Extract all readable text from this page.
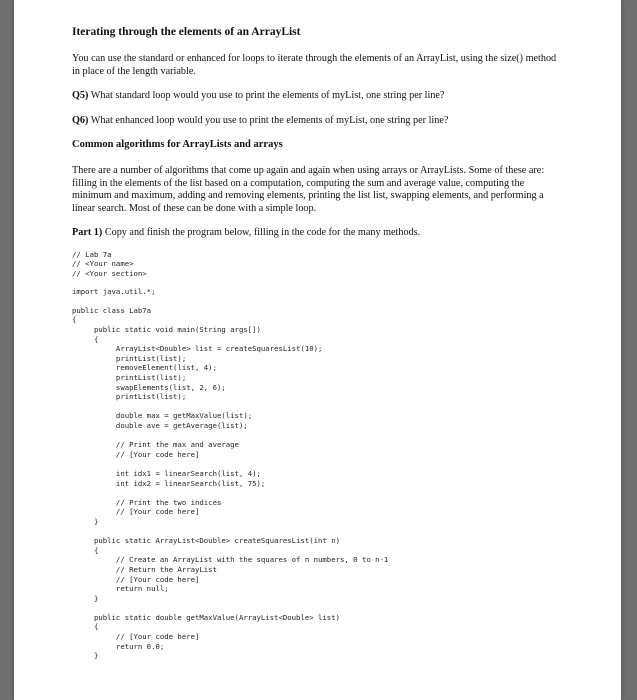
Iterating through the elements of an ArrayList

You can use the standard or enhanced for loops to iterate through the elements of an ArrayList, using the size() method in place of the length variable.

Q5) What standard loop would you use to print the elements of myList, one string per line?

Q6) What enhanced loop would you use to print the elements of myList, one string per line?

Common algorithms for ArrayLists and arrays

There are a number of algorithms that come up again and again when using arrays or ArrayLists. Some of these are: filling in the elements of the list based on a computation, computing the sum and average value, computing the minimum and maximum, adding and removing elements, printing the list list, swapping elements, and performing a linear search. Most of these can be done with a simple loop.

Part 1) Copy and finish the program below, filling in the code for the many methods.

// Lab 7a
// <Your name>
// <Your section>
import java.util.*;
public class Lab7a
{
public static void main(String args[])
{
ArrayList<Double> list = createSquaresList(10);
printList(list);
removeElement(list, 4);
printList(list);
swapElements(list, 2, 6);
printList(list);

double max = getMaxValue(list);
double ave = getAverage(list);

// Print the max and average
// [Your code here]

int idx1 = linearSearch(list, 4);
int idx2 = linearSearch(list, 75);

// Print the two indices
// [Your code here]
}

public static ArrayList<Double> createSquaresList(int n)
{
// Create an ArrayList with the squares of n numbers, 0 to n-1
// Return the ArrayList
// [Your code here]
return null;
}

public static double getMaxValue(ArrayList<Double> list)
{
// [Your code here]
return 0.0;
}
